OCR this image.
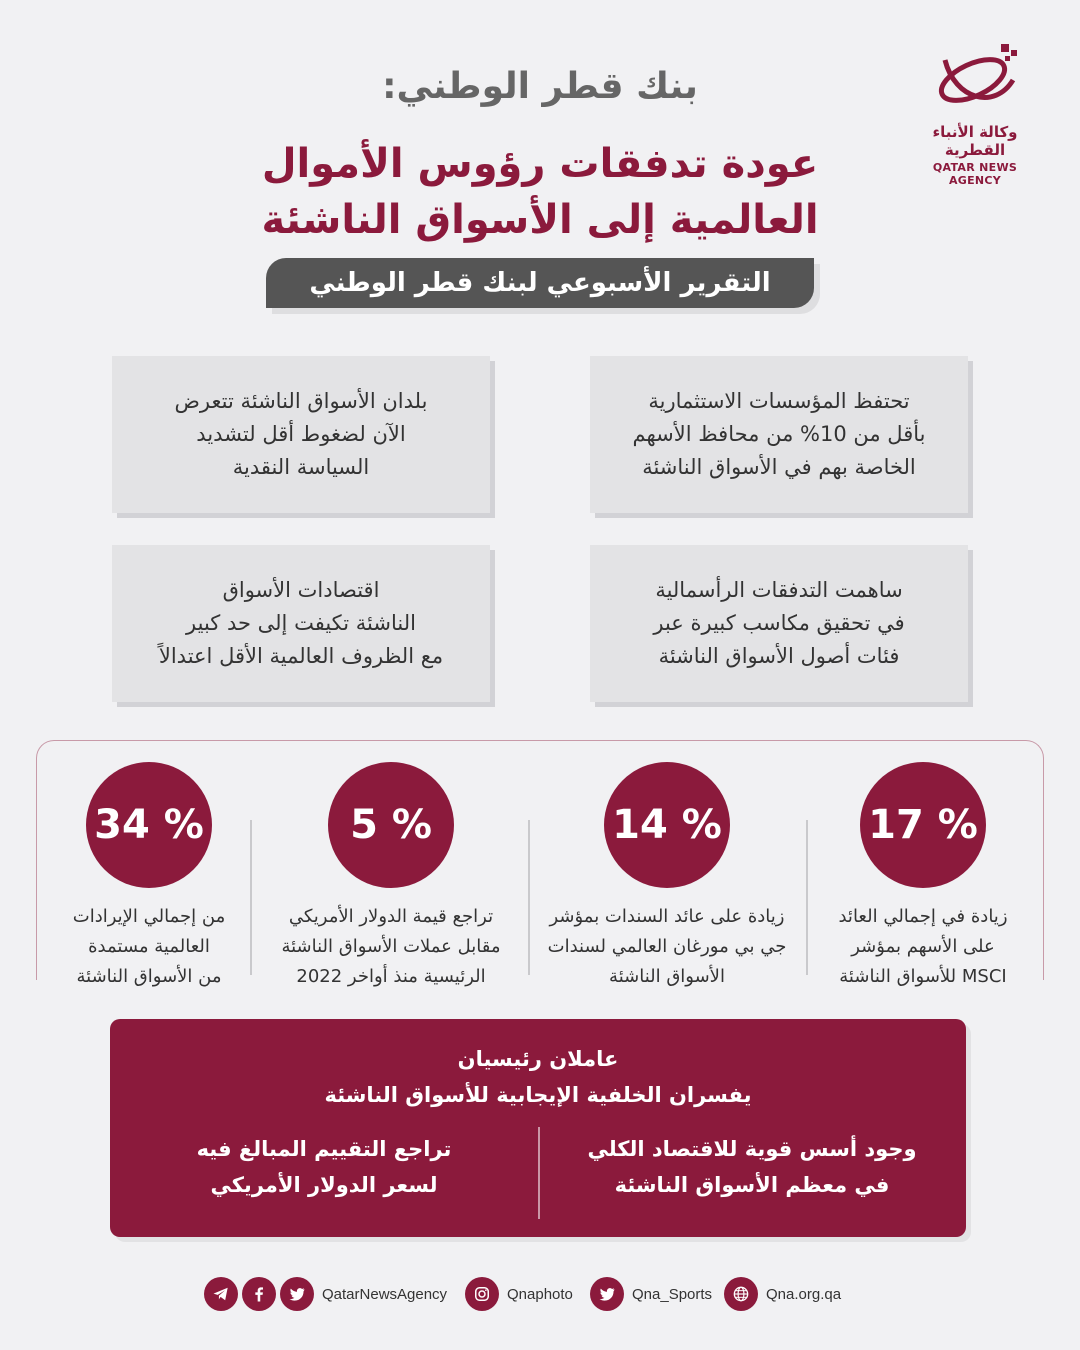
وكالة الأنباء القطرية
QATAR NEWS AGENCY
بنك قطر الوطني:
عودة تدفقات رؤوس الأموال
العالمية إلى الأسواق الناشئة
التقرير الأسبوعي لبنك قطر الوطني
تحتفظ المؤسسات الاستثمارية
بأقل من 10% من محافظ الأسهم
الخاصة بهم في الأسواق الناشئة
بلدان الأسواق الناشئة تتعرض
الآن لضغوط أقل لتشديد
السياسة النقدية
ساهمت التدفقات الرأسمالية
في تحقيق مكاسب كبيرة عبر
فئات أصول الأسواق الناشئة
اقتصادات الأسواق
الناشئة تكيفت إلى حد كبير
مع الظروف العالمية الأقل اعتدالاً
17 %
زيادة في إجمالي العائد
على الأسهم بمؤشر
MSCI للأسواق الناشئة
14 %
زيادة على عائد السندات بمؤشر
جي بي مورغان العالمي لسندات
الأسواق الناشئة
5 %
تراجع قيمة الدولار الأمريكي
مقابل عملات الأسواق الناشئة
الرئيسية منذ أواخر 2022
34 %
من إجمالي الإيرادات
العالمية مستمدة
من الأسواق الناشئة
عاملان رئيسيان
يفسران الخلفية الإيجابية للأسواق الناشئة
وجود أسس قوية للاقتصاد الكلي
في معظم الأسواق الناشئة
تراجع التقييم المبالغ فيه
لسعر الدولار الأمريكي
QatarNewsAgency	Qnaphoto	Qna_Sports	Qna.org.qa
